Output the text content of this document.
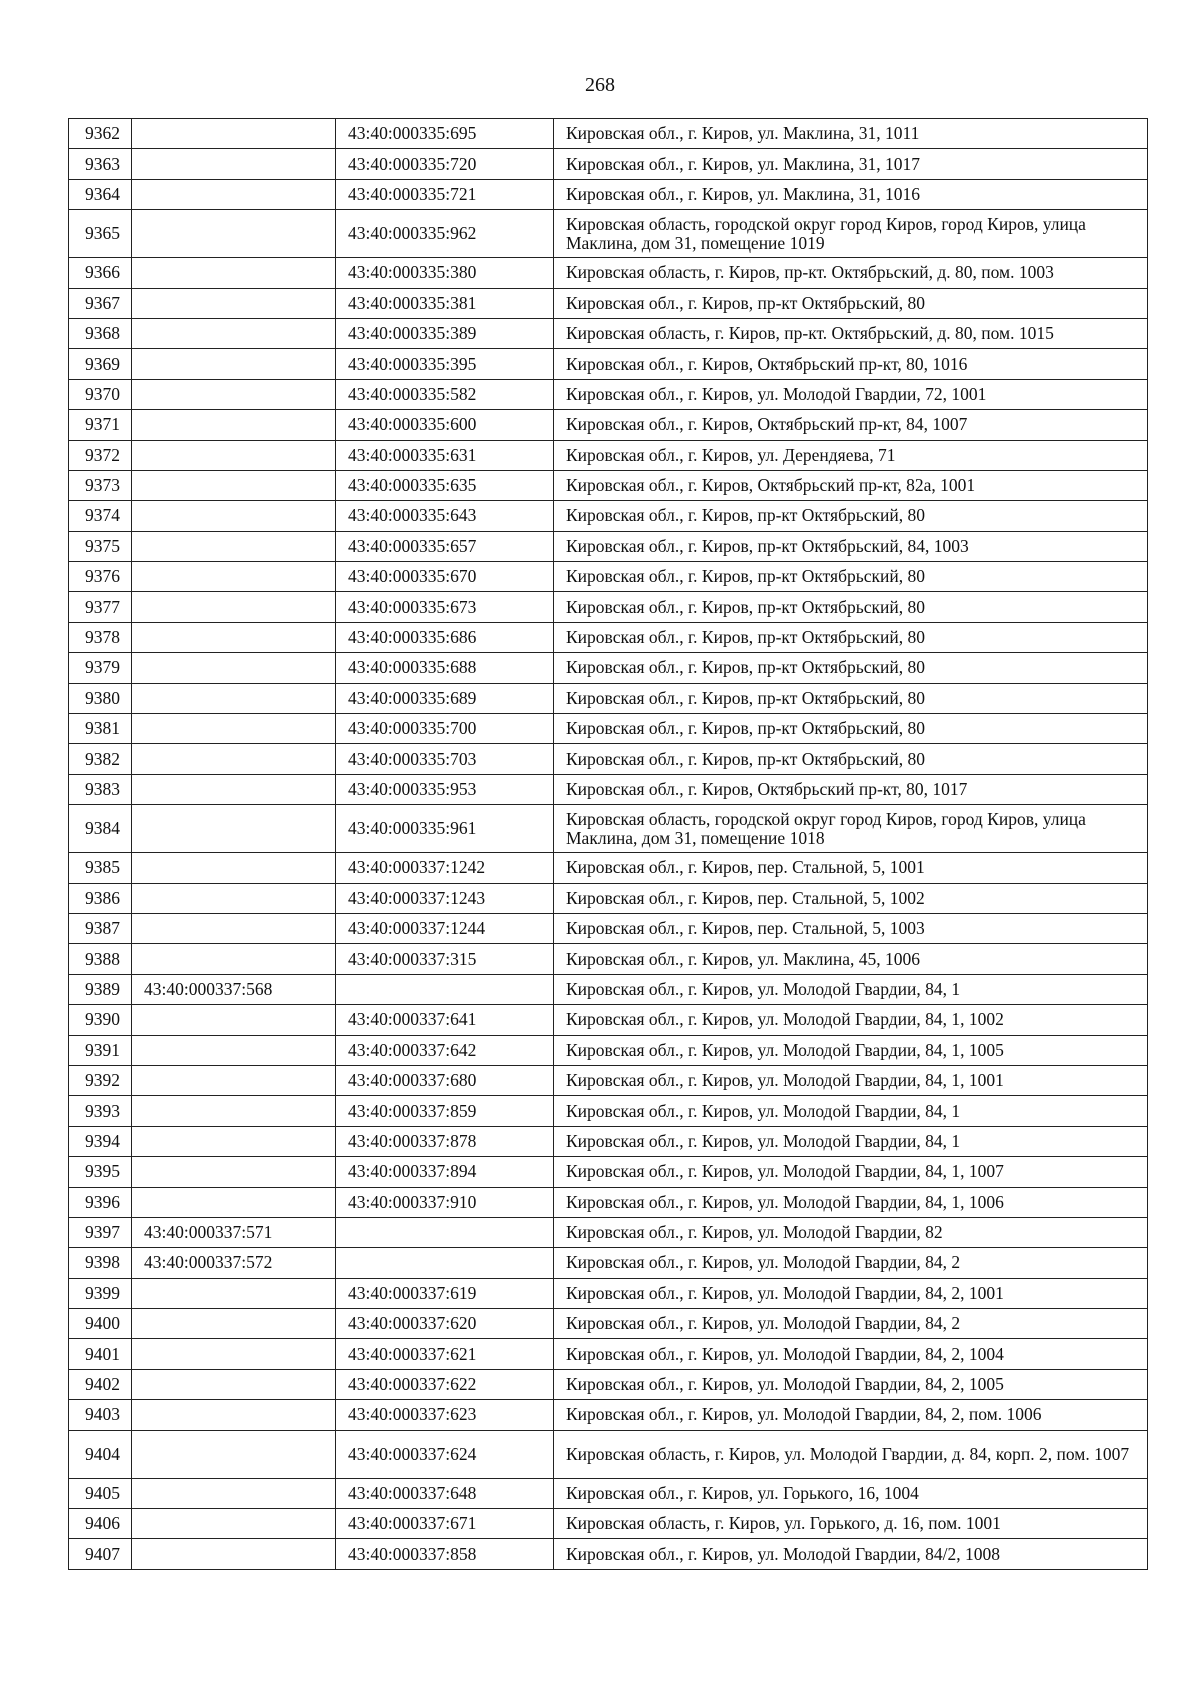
268
9362		43:40:000335:695	Кировская обл., г. Киров, ул. Маклина, 31, 1011
9363		43:40:000335:720	Кировская обл., г. Киров, ул. Маклина, 31, 1017
9364		43:40:000335:721	Кировская обл., г. Киров, ул. Маклина, 31, 1016
9365		43:40:000335:962	Кировская область, городской округ город Киров, город Киров, улица Маклина, дом 31, помещение 1019
9366		43:40:000335:380	Кировская область, г. Киров, пр-кт. Октябрьский, д. 80, пом. 1003
9367		43:40:000335:381	Кировская обл., г. Киров, пр-кт Октябрьский, 80
9368		43:40:000335:389	Кировская область, г. Киров, пр-кт. Октябрьский, д. 80, пом. 1015
9369		43:40:000335:395	Кировская обл., г. Киров, Октябрьский пр-кт, 80, 1016
9370		43:40:000335:582	Кировская обл., г. Киров, ул. Молодой Гвардии, 72, 1001
9371		43:40:000335:600	Кировская обл., г. Киров, Октябрьский пр-кт, 84, 1007
9372		43:40:000335:631	Кировская обл., г. Киров, ул. Дерендяева, 71
9373		43:40:000335:635	Кировская обл., г. Киров, Октябрьский пр-кт, 82а, 1001
9374		43:40:000335:643	Кировская обл., г. Киров, пр-кт Октябрьский, 80
9375		43:40:000335:657	Кировская обл., г. Киров, пр-кт Октябрьский, 84, 1003
9376		43:40:000335:670	Кировская обл., г. Киров, пр-кт Октябрьский, 80
9377		43:40:000335:673	Кировская обл., г. Киров, пр-кт Октябрьский, 80
9378		43:40:000335:686	Кировская обл., г. Киров, пр-кт Октябрьский, 80
9379		43:40:000335:688	Кировская обл., г. Киров, пр-кт Октябрьский, 80
9380		43:40:000335:689	Кировская обл., г. Киров, пр-кт Октябрьский, 80
9381		43:40:000335:700	Кировская обл., г. Киров, пр-кт Октябрьский, 80
9382		43:40:000335:703	Кировская обл., г. Киров, пр-кт Октябрьский, 80
9383		43:40:000335:953	Кировская обл., г. Киров, Октябрьский пр-кт, 80, 1017
9384		43:40:000335:961	Кировская область, городской округ город Киров, город Киров, улица Маклина, дом 31, помещение 1018
9385		43:40:000337:1242	Кировская обл., г. Киров, пер. Стальной, 5, 1001
9386		43:40:000337:1243	Кировская обл., г. Киров, пер. Стальной, 5, 1002
9387		43:40:000337:1244	Кировская обл., г. Киров, пер. Стальной, 5, 1003
9388		43:40:000337:315	Кировская обл., г. Киров, ул. Маклина, 45, 1006
9389	43:40:000337:568		Кировская обл., г. Киров, ул. Молодой Гвардии, 84, 1
9390		43:40:000337:641	Кировская обл., г. Киров, ул. Молодой Гвардии, 84, 1, 1002
9391		43:40:000337:642	Кировская обл., г. Киров, ул. Молодой Гвардии, 84, 1, 1005
9392		43:40:000337:680	Кировская обл., г. Киров, ул. Молодой Гвардии, 84, 1, 1001
9393		43:40:000337:859	Кировская обл., г. Киров, ул. Молодой Гвардии, 84, 1
9394		43:40:000337:878	Кировская обл., г. Киров, ул. Молодой Гвардии, 84, 1
9395		43:40:000337:894	Кировская обл., г. Киров, ул. Молодой Гвардии, 84, 1, 1007
9396		43:40:000337:910	Кировская обл., г. Киров, ул. Молодой Гвардии, 84, 1, 1006
9397	43:40:000337:571		Кировская обл., г. Киров, ул. Молодой Гвардии, 82
9398	43:40:000337:572		Кировская обл., г. Киров, ул. Молодой Гвардии, 84, 2
9399		43:40:000337:619	Кировская обл., г. Киров, ул. Молодой Гвардии, 84, 2, 1001
9400		43:40:000337:620	Кировская обл., г. Киров, ул. Молодой Гвардии, 84, 2
9401		43:40:000337:621	Кировская обл., г. Киров, ул. Молодой Гвардии, 84, 2, 1004
9402		43:40:000337:622	Кировская обл., г. Киров, ул. Молодой Гвардии, 84, 2, 1005
9403		43:40:000337:623	Кировская обл., г. Киров, ул. Молодой Гвардии, 84, 2, пом. 1006
9404		43:40:000337:624	Кировская область, г. Киров, ул. Молодой Гвардии, д. 84, корп. 2, пом. 1007
9405		43:40:000337:648	Кировская обл., г. Киров, ул. Горького, 16, 1004
9406		43:40:000337:671	Кировская область, г. Киров, ул. Горького, д. 16, пом. 1001
9407		43:40:000337:858	Кировская обл., г. Киров, ул. Молодой Гвардии, 84/2, 1008
